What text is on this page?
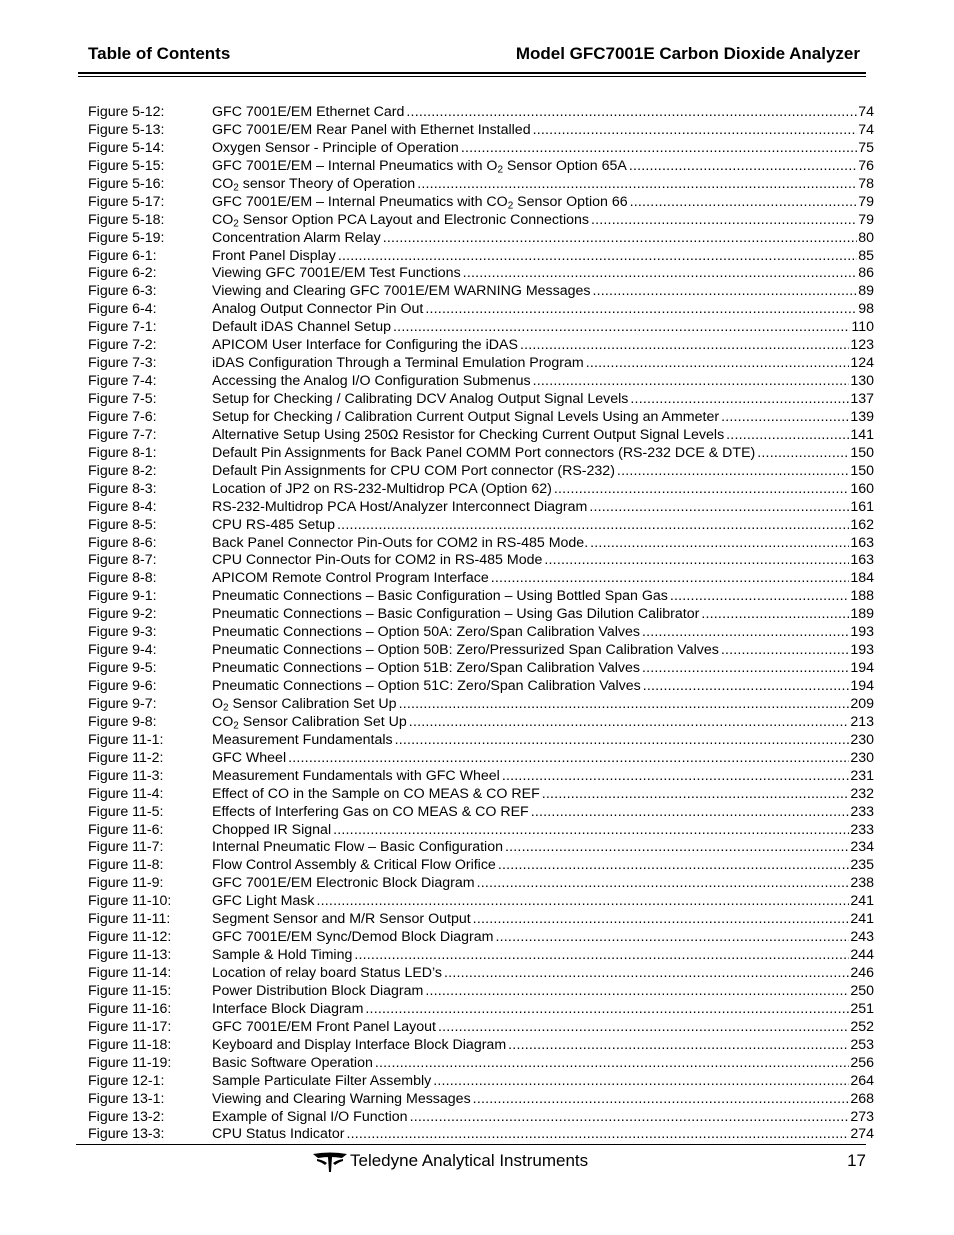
Table of Contents	Model GFC7001E Carbon Dioxide Analyzer
Figure 5-12:	GFC 7001E/EM Ethernet Card .....	74
Figure 5-13:	GFC 7001E/EM Rear Panel with Ethernet Installed .....	74
Figure 5-14:	Oxygen Sensor - Principle of Operation .....	75
Figure 5-15:	GFC 7001E/EM – Internal Pneumatics with $O_2$ Sensor Option 65A .....	76
Figure 5-16:	$CO_2$ sensor Theory of Operation .....	78
Figure 5-17:	GFC 7001E/EM – Internal Pneumatics with $CO_2$ Sensor Option 66 .....	79
Figure 5-18:	$CO_2$ Sensor Option PCA Layout and Electronic Connections .....	79
Figure 5-19:	Concentration Alarm Relay .....	80
Figure 6-1:	Front Panel Display .....	85
Figure 6-2:	Viewing GFC 7001E/EM Test Functions .....	86
Figure 6-3:	Viewing and Clearing GFC 7001E/EM WARNING Messages .....	89
Figure 6-4:	Analog Output Connector Pin Out .....	98
Figure 7-1:	Default iDAS Channel Setup .....	110
Figure 7-2:	APICOM User Interface for Configuring the iDAS .....	123
Figure 7-3:	iDAS Configuration Through a Terminal Emulation Program .....	124
Figure 7-4:	Accessing the Analog I/O Configuration Submenus .....	130
Figure 7-5:	Setup for Checking / Calibrating DCV Analog Output Signal Levels .....	137
Figure 7-6:	Setup for Checking / Calibration Current Output Signal Levels Using an Ammeter .....	139
Figure 7-7:	Alternative Setup Using 250Ω Resistor for Checking Current Output Signal Levels .....	141
Figure 8-1:	Default Pin Assignments for Back Panel COMM Port connectors (RS-232 DCE & DTE) .....	150
Figure 8-2:	Default Pin Assignments for CPU COM Port connector (RS-232) .....	150
Figure 8-3:	Location of JP2 on RS-232-Multidrop PCA (Option 62) .....	160
Figure 8-4:	RS-232-Multidrop PCA Host/Analyzer Interconnect Diagram .....	161
Figure 8-5:	CPU RS-485 Setup .....	162
Figure 8-6:	Back Panel Connector Pin-Outs for COM2 in RS-485 Mode. .....	163
Figure 8-7:	CPU Connector Pin-Outs for COM2 in RS-485 Mode .....	163
Figure 8-8:	APICOM Remote Control Program Interface .....	184
Figure 9-1:	Pneumatic Connections – Basic Configuration – Using Bottled Span Gas .....	188
Figure 9-2:	Pneumatic Connections – Basic Configuration – Using Gas Dilution Calibrator .....	189
Figure 9-3:	Pneumatic Connections – Option 50A: Zero/Span Calibration Valves .....	193
Figure 9-4:	Pneumatic Connections – Option 50B: Zero/Pressurized Span Calibration Valves .....	193
Figure 9-5:	Pneumatic Connections – Option 51B: Zero/Span Calibration Valves .....	194
Figure 9-6:	Pneumatic Connections – Option 51C: Zero/Span Calibration Valves .....	194
Figure 9-7:	$O_2$ Sensor Calibration Set Up .....	209
Figure 9-8:	$CO_2$ Sensor Calibration Set Up .....	213
Figure 11-1:	Measurement Fundamentals .....	230
Figure 11-2:	GFC Wheel .....	230
Figure 11-3:	Measurement Fundamentals with GFC Wheel .....	231
Figure 11-4:	Effect of CO in the Sample on CO MEAS & CO REF .....	232
Figure 11-5:	Effects of Interfering Gas on CO MEAS & CO REF .....	233
Figure 11-6:	Chopped IR Signal .....	233
Figure 11-7:	Internal Pneumatic Flow – Basic Configuration .....	234
Figure 11-8:	Flow Control Assembly & Critical Flow Orifice .....	235
Figure 11-9:	GFC 7001E/EM Electronic Block Diagram .....	238
Figure 11-10:	GFC Light Mask .....	241
Figure 11-11:	Segment Sensor and M/R Sensor Output .....	241
Figure 11-12:	GFC 7001E/EM Sync/Demod Block Diagram .....	243
Figure 11-13:	Sample & Hold Timing .....	244
Figure 11-14:	Location of relay board Status LED’s .....	246
Figure 11-15:	Power Distribution Block Diagram .....	250
Figure 11-16:	Interface Block Diagram .....	251
Figure 11-17:	GFC 7001E/EM Front Panel Layout .....	252
Figure 11-18:	Keyboard and Display Interface Block Diagram .....	253
Figure 11-19:	Basic Software Operation .....	256
Figure 12-1:	Sample Particulate Filter Assembly .....	264
Figure 13-1:	Viewing and Clearing Warning Messages .....	268
Figure 13-2:	Example of Signal I/O Function .....	273
Figure 13-3:	CPU Status Indicator .....	274
Teledyne Analytical Instruments	17
